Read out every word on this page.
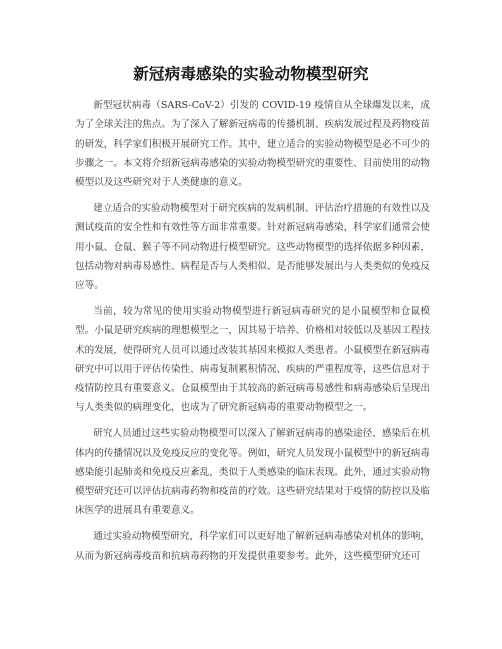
新冠病毒感染的实验动物模型研究

新型冠状病毒（SARS-CoV-2）引发的 COVID-19 疫情自从全球爆发以来，成为了全球关注的焦点。为了深入了解新冠病毒的传播机制、疾病发展过程及药物疫苗的研发，科学家们积极开展研究工作。其中，建立适合的实验动物模型是必不可少的步骤之一。本文将介绍新冠病毒感染的实验动物模型研究的重要性、目前使用的动物模型以及这些研究对于人类健康的意义。

建立适合的实验动物模型对于研究疾病的发病机制、评估治疗措施的有效性以及测试疫苗的安全性和有效性等方面非常重要。针对新冠病毒感染，科学家们通常会使用小鼠、仓鼠、猴子等不同动物进行模型研究。这些动物模型的选择依据多种因素，包括动物对病毒易感性、病程是否与人类相似、是否能够发展出与人类类似的免疫反应等。

当前，较为常见的使用实验动物模型进行新冠病毒研究的是小鼠模型和仓鼠模型。小鼠是研究疾病的理想模型之一，因其易于培养、价格相对较低以及基因工程技术的发展，使得研究人员可以通过改装其基因来模拟人类患者。小鼠模型在新冠病毒研究中可以用于评估传染性、病毒复制累积情况、疾病的严重程度等，这些信息对于疫情防控具有重要意义。仓鼠模型由于其较高的新冠病毒易感性和病毒感染后呈现出与人类类似的病理变化，也成为了研究新冠病毒的重要动物模型之一。

研究人员通过这些实验动物模型可以深入了解新冠病毒的感染途径、感染后在机体内的传播情况以及免疫反应的变化等。例如，研究人员发现小鼠模型中的新冠病毒感染能引起肺炎和免疫反应紊乱，类似于人类感染的临床表现。此外，通过实验动物模型研究还可以评估抗病毒药物和疫苗的疗效。这些研究结果对于疫情的防控以及临床医学的进展具有重要意义。

通过实验动物模型研究，科学家们可以更好地了解新冠病毒感染对机体的影响，从而为新冠病毒疫苗和抗病毒药物的开发提供重要参考。此外，这些模型研究还可
